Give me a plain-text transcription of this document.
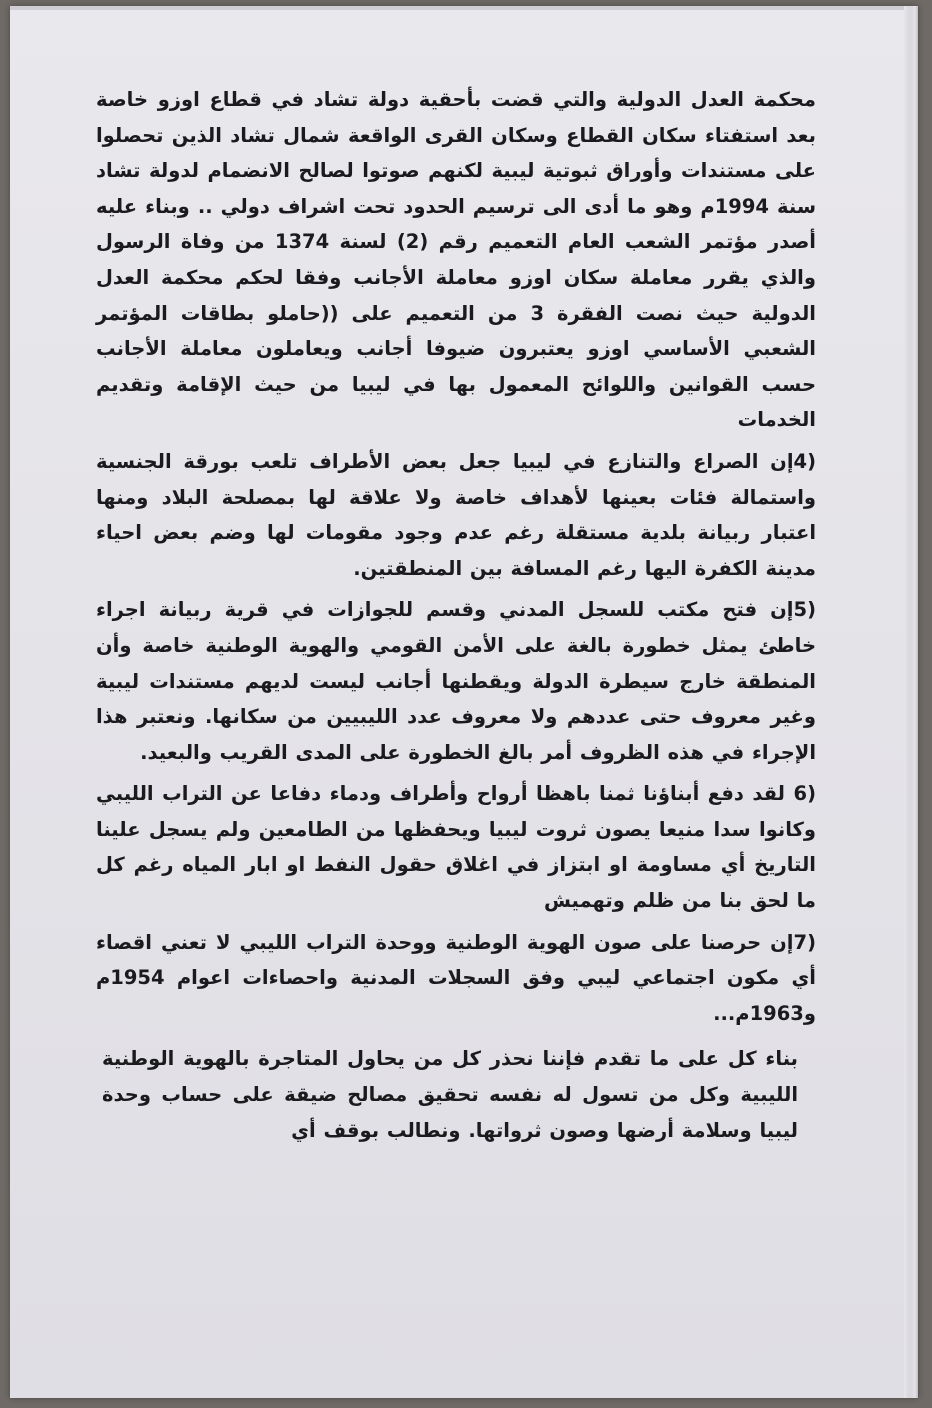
محكمة العدل الدولية والتي قضت بأحقية دولة تشاد في قطاع اوزو خاصة بعد استفتاء سكان القطاع وسكان القرى الواقعة شمال تشاد الذين تحصلوا على مستندات وأوراق ثبوتية ليبية لكنهم صوتوا لصالح الانضمام لدولة تشاد سنة 1994م وهو ما أدى الى ترسيم الحدود تحت اشراف دولي .. وبناء عليه أصدر مؤتمر الشعب العام التعميم رقم (2) لسنة 1374 من وفاة الرسول والذي يقرر معاملة سكان اوزو معاملة الأجانب وفقا لحكم محكمة العدل الدولية حيث نصت الفقرة 3 من التعميم على ((حاملو بطاقات المؤتمر الشعبي الأساسي اوزو يعتبرون ضيوفا أجانب ويعاملون معاملة الأجانب حسب القوانين واللوائح المعمول بها في ليبيا من حيث الإقامة وتقديم الخدمات

(4إن الصراع والتنازع في ليبيا جعل بعض الأطراف تلعب بورقة الجنسية واستمالة فئات بعينها لأهداف خاصة ولا علاقة لها بمصلحة البلاد ومنها اعتبار ربيانة بلدية مستقلة رغم عدم وجود مقومات لها وضم بعض احياء مدينة الكفرة اليها رغم المسافة بين المنطقتين.

(5إن فتح مكتب للسجل المدني وقسم للجوازات في قرية ربيانة اجراء خاطئ يمثل خطورة بالغة على الأمن القومي والهوية الوطنية خاصة وأن المنطقة خارج سيطرة الدولة ويقطنها أجانب ليست لديهم مستندات ليبية وغير معروف حتى عددهم ولا معروف عدد الليبيين من سكانها. ونعتبر هذا الإجراء في هذه الظروف أمر بالغ الخطورة على المدى القريب والبعيد.

(6 لقد دفع أبناؤنا ثمنا باهظا أرواح وأطراف ودماء دفاعا عن التراب الليبي وكانوا سدا منيعا يصون ثروت ليبيا ويحفظها من الطامعين ولم يسجل علينا التاريخ أي مساومة او ابتزاز في اغلاق حقول النفط او ابار المياه رغم كل ما لحق بنا من ظلم وتهميش

(7إن حرصنا على صون الهوية الوطنية ووحدة التراب الليبي لا تعني اقصاء أي مكون اجتماعي ليبي وفق السجلات المدنية واحصاءات اعوام 1954م و1963م...

بناء كل على ما تقدم فإننا نحذر كل من يحاول المتاجرة بالهوية الوطنية الليبية وكل من تسول له نفسه تحقيق مصالح ضيقة على حساب وحدة ليبيا وسلامة أرضها وصون ثرواتها. ونطالب بوقف أي
